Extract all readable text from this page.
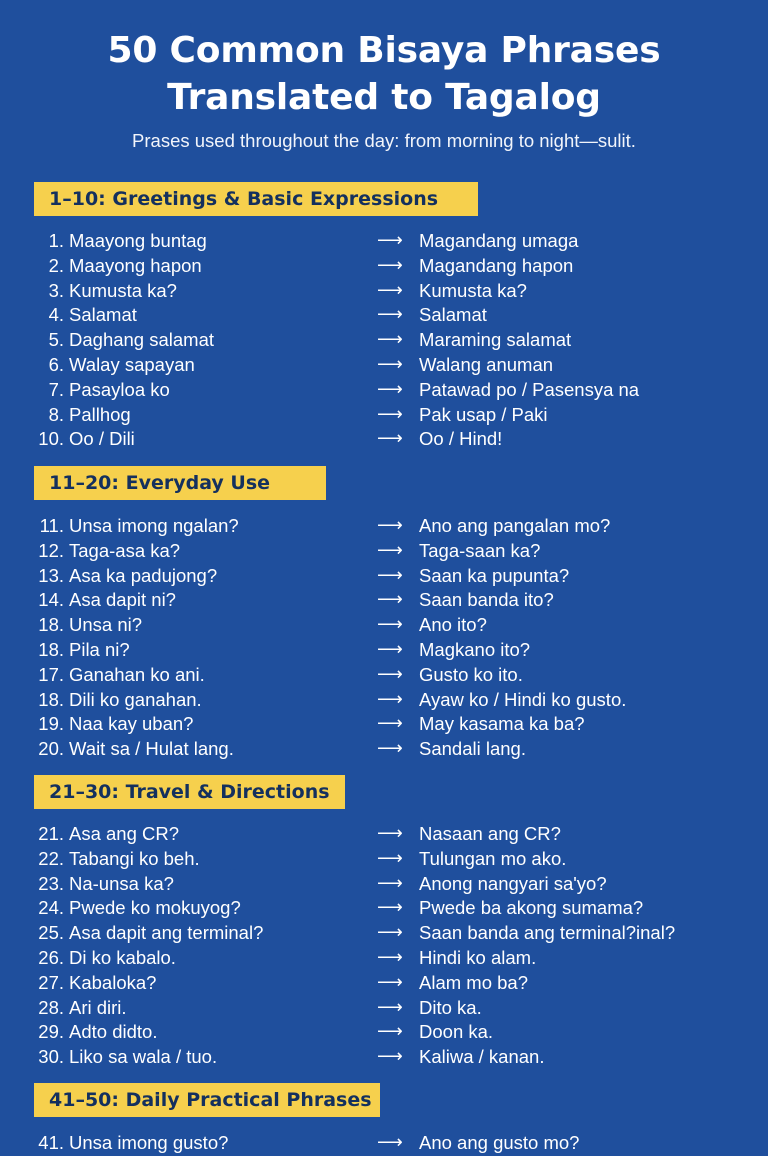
50 Common Bisaya Phrases
Translated to Tagalog
Prases used throughout the day: from morning to night—sulit.
1–10: Greetings & Basic Expressions
1. Maayong buntag	⟶ Magandang umaga
2. Maayong hapon	⟶ Magandang hapon
3. Kumusta ka?	⟶ Kumusta ka?
4. Salamat	⟶ Salamat
5. Daghang salamat	⟶ Maraming salamat
6. Walay sapayan	⟶ Walang anuman
7. Pasayloa ko	⟶ Patawad po / Pasensya na
8. Pallhog	⟶ Pak usap / Paki
10. Oo / Dili	⟶ Oo / Hind!
11–20: Everyday Use
11. Unsa imong ngalan?	⟶ Ano ang pangalan mo?
12. Taga-asa ka?	⟶ Taga-saan ka?
13. Asa ka padujong?	⟶ Saan ka pupunta?
14. Asa dapit ni?	⟶ Saan banda ito?
18. Unsa ni?	⟶ Ano ito?
18. Pila ni?	⟶ Magkano ito?
17. Ganahan ko ani.	⟶ Gusto ko ito.
18. Dili ko ganahan.	⟶ Ayaw ko / Hindi ko gusto.
19. Naa kay uban?	⟶ May kasama ka ba?
20. Wait sa / Hulat lang.	⟶ Sandali lang.
21–30: Travel & Directions
21. Asa ang CR?	⟶ Nasaan ang CR?
22. Tabangi ko beh.	⟶ Tulungan mo ako.
23. Na-unsa ka?	⟶ Anong nangyari sa'yo?
24. Pwede ko mokuyog?	⟶ Pwede ba akong sumama?
25. Asa dapit ang terminal?	⟶ Saan banda ang terminal?inal?
26. Di ko kabalo.	⟶ Hindi ko alam.
27. Kabaloka?	⟶ Alam mo ba?
28. Ari diri.	⟶ Dito ka.
29. Adto didto.	⟶ Doon ka.
30. Liko sa wala / tuo.	⟶ Kaliwa / kanan.
41–50: Daily Practical Phrases
41. Unsa imong gusto?	⟶ Ano ang gusto mo?
